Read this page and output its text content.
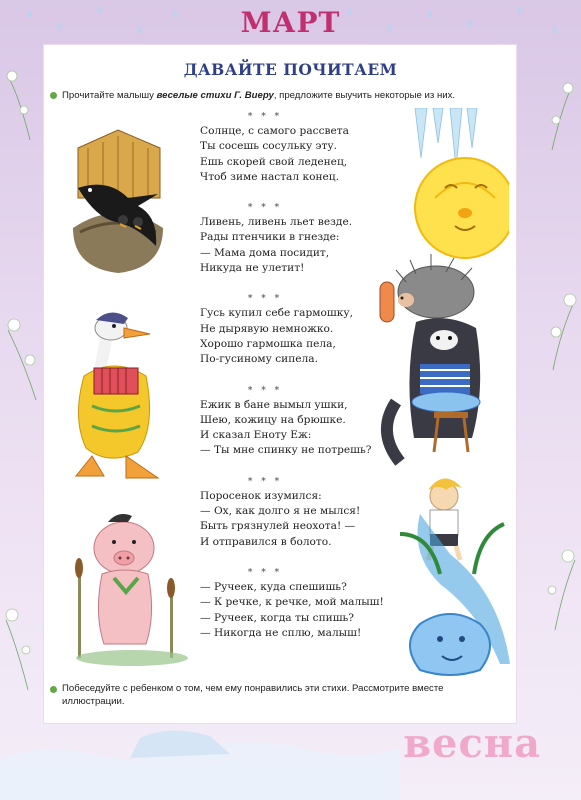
МАРТ
ДАВАЙТЕ ПОЧИТАЕМ
Прочитайте малышу веселые стихи Г. Виеру, предложите выучить некоторые из них.
* * *
Солнце, с самого рассвета
Ты сосешь сосульку эту.
Ешь скорей свой леденец,
Чтоб зиме настал конец.
* * *
Ливень, ливень льет везде.
Рады птенчики в гнезде:
— Мама дома посидит,
Никуда не улетит!
* * *
Гусь купил себе гармошку,
Не дырявую немножко.
Хорошо гармошка пела,
По-гусиному сипела.
* * *
Ежик в бане вымыл ушки,
Шею, кожицу на брюшке.
И сказал Еноту Еж:
— Ты мне спинку не потрешь?
* * *
Поросенок изумился:
— Ох, как долго я не мылся!
Быть грязнулей неохота! —
И отправился в болото.
* * *
— Ручеек, куда спешишь?
— К речке, к речке, мой малыш!
— Ручеек, когда ты спишь?
— Никогда не сплю, малыш!
Побеседуйте с ребенком о том, чем ему понравились эти стихи. Рассмотрите вместе иллюстрации.
весна
